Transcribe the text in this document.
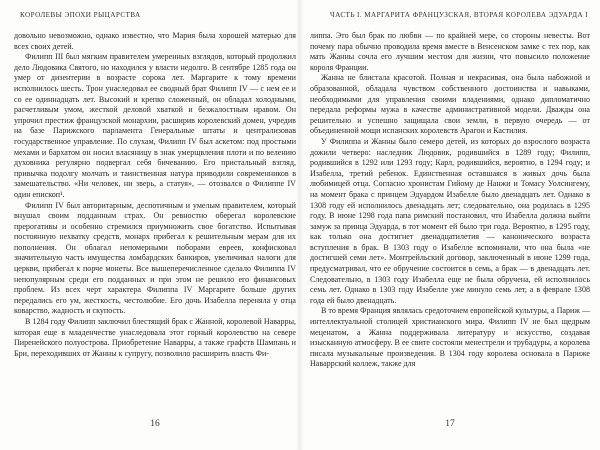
КОРОЛЕВЫ ЭПОХИ РЫЦАРСТВА

довольно невозможно, однако известно, что Мария была хорошей матерью для всех своих детей.

Филипп III был мягким правителем умеренных взглядов, который продолжил дело Людовика Святого, но находился у власти недолго. В сентябре 1285 года он умер от дизентерии в возрасте сорока лет. Маргарите к тому времени исполнилось шесть. Трон унаследовал ее сводный брат Филипп IV — с нем ее и со ее одиннадцать лет. Высокий и крепко сложенный, он обладал холодными, расчетливым умом, жесткой деловой хваткой и безжалостным нравом. Он упрочил престиж французской монархии, расширив королевский домен, учредив на базе Парижского парламента Генеральные штаты и централизовав государственное управление. По слухам, Филипп IV был аскетом: под простыми мехами и бархатом он носил власяницу в знак умерщвления плоти и по велению духовника регулярно подвергал себя бичеванию. Его пристальный взгляд, привычка подолгу молчать и таинственная натура приводили современников в замешательство. «Ни человек, ни зверь, а статуя», — отозвался о Филиппе IV один епископ¹.

Филипп IV был авторитарным, деспотичным и умелым правителем, который внушал своим подданным страх. Он ревностно оберегал королевские прерогативы и особенно стремился приумножить свое богатство. Испытывая постоянную нехватку средств, монарх прибегал к решительным мерам для их пополнения. Он облагал непомерными поборами евреев, конфисковал значительную часть имущества ломбардских банкиров, увеличивал налоги для церкви, прибегал к порче монеты. Все вышеперечисленное сделало Филиппа IV непопулярным среди его подданных и при этом не решило его финансовых проблем. Из всех черт характера Филиппа IV Маргарите больше других передались его ум, жесткость, честолюбие. Его дочь Изабелла переняла у отца коварство, жадность и скупость.

В 1284 году Филипп заключил блестящий брак с Жанной, королевой Наварры, которая еще в младенчестве унаследовала этот горный королевство на севере Пиренейского полуострова. Приобретение Наварры, а также графств Шампань и Бри, переходивших от Жанны к супругу, позволило расширить власть Фи-

16
ЧАСТЬ I. МАРГАРИТА ФРАНЦУЗСКАЯ, ВТОРАЯ КОРОЛЕВА ЭДУАРДА I

липпа. Это был брак по любви — по крайней мере, со стороны невесты. Вот почему пара обычно проводила время вместе в Венсенском замке с тех пор, как мать Жанны сочла его лучшим местом для жизни, что повысило положение короля Франции.

Жанна не блистала красотой. Полная и некрасивая, она была набожной и образованной, обладала чувством собственного достоинства и навыками, необходимыми для управления своими владениями, однако дипломатично передала реформы мужа в качестве административной модели. Дважды она решительно и успешно защищала свои земли, в первую очередь — от объединенной мощи испанских королевств Арагон и Кастилия.

У Филиппа и Жанны было семеро детей, из которых до взрослого возраста дожили четверо: наследник Людовик, родившийся в 1289 году; Филипп, родившийся в 1292 или 1293 году; Карл, родившийся, вероятно, в 1294 году; и Изабелла, третий ребенок. Единственная оставшаяся в живых дочь была любимицей отца. Согласно хронистам Гийому де Нанжи и Томасу Уолсингему, на момент брака с принцем Эдуардом Изабелле было двенадцать лет. Однако в 1308 году ей исполнилось двенадцать лет; следовательно, она родилась в 1295 году. В июне 1298 года папа римский постановил, что Изабелла должна выйти замуж за принца Эдуарда, в тот момент ей было три года. Вероятно, в 1295 году, как только она достигнет двенадцатилетия — канонического возраста вступления в брак. В 1303 году о Изабелле вспоминали, что она была «не достигшей семи лет». Монтрейльский договор, заключенный в июне 1299 года, предусматривал, что ее обручение состоится в семь, а брак — в двенадцать лет. Следовательно, в 1303 году Изабелла еще не была обручена, ей исполнилось семь лет. Однако в 1303 году Изабелле уже минуло семь лет, а в феврале 1308 года ей было двенадцать.

В то время Франция являлась средоточием европейской культуры, а Париж — интеллектуальной столицей христианского мира. Филипп IV не был щедрым меценатом, а Жанна поддерживала литературу и искусство, создавая изысканную атмосферу. В ее свите состояли менестрели и трубадуры, а королева писала музыкальные произведения. В 1304 году королева основала в Париже Наваррский коллеж, также для

17
